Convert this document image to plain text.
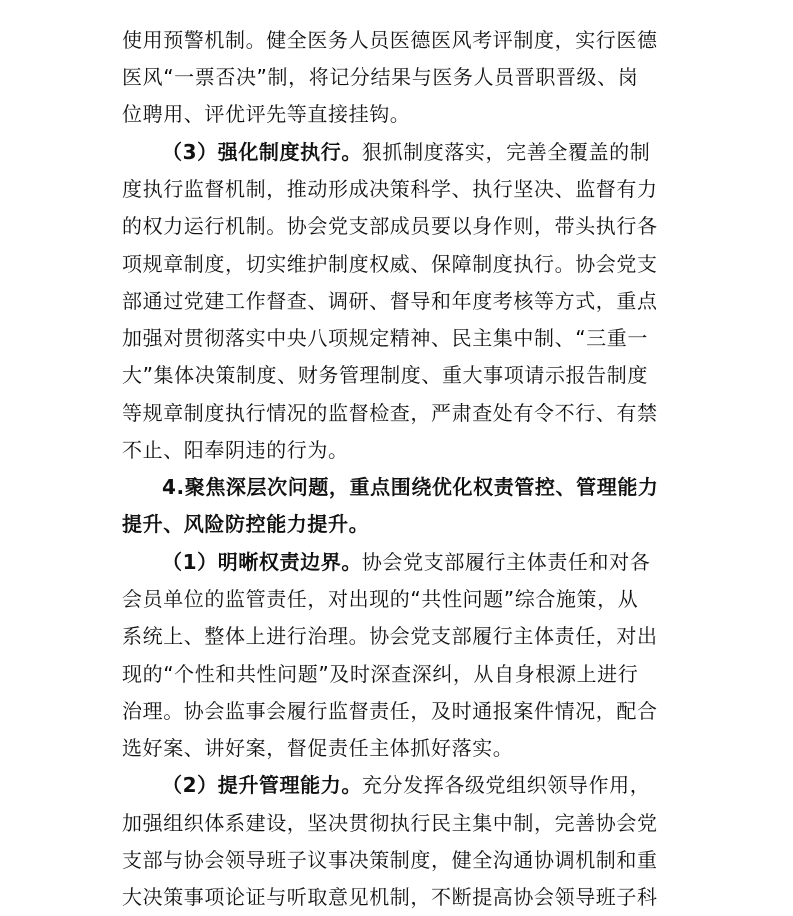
使用预警机制。健全医务人员医德医风考评制度，实行医德
医风“一票否决”制，将记分结果与医务人员晋职晋级、岗
位聘用、评优评先等直接挂钩。
（3）强化制度执行。狠抓制度落实，完善全覆盖的制
度执行监督机制，推动形成决策科学、执行坚决、监督有力
的权力运行机制。协会党支部成员要以身作则，带头执行各
项规章制度，切实维护制度权威、保障制度执行。协会党支
部通过党建工作督查、调研、督导和年度考核等方式，重点
加强对贯彻落实中央八项规定精神、民主集中制、“三重一
大”集体决策制度、财务管理制度、重大事项请示报告制度
等规章制度执行情况的监督检查，严肃查处有令不行、有禁
不止、阳奉阴违的行为。
4.聚焦深层次问题，重点围绕优化权责管控、管理能力
提升、风险防控能力提升。
（1）明晰权责边界。协会党支部履行主体责任和对各
会员单位的监管责任，对出现的“共性问题”综合施策，从
系统上、整体上进行治理。协会党支部履行主体责任，对出
现的“个性和共性问题”及时深查深纠，从自身根源上进行
治理。协会监事会履行监督责任，及时通报案件情况，配合
选好案、讲好案，督促责任主体抓好落实。
（2）提升管理能力。充分发挥各级党组织领导作用，
加强组织体系建设，坚决贯彻执行民主集中制，完善协会党
支部与协会领导班子议事决策制度，健全沟通协调机制和重
大决策事项论证与听取意见机制，不断提高协会领导班子科
